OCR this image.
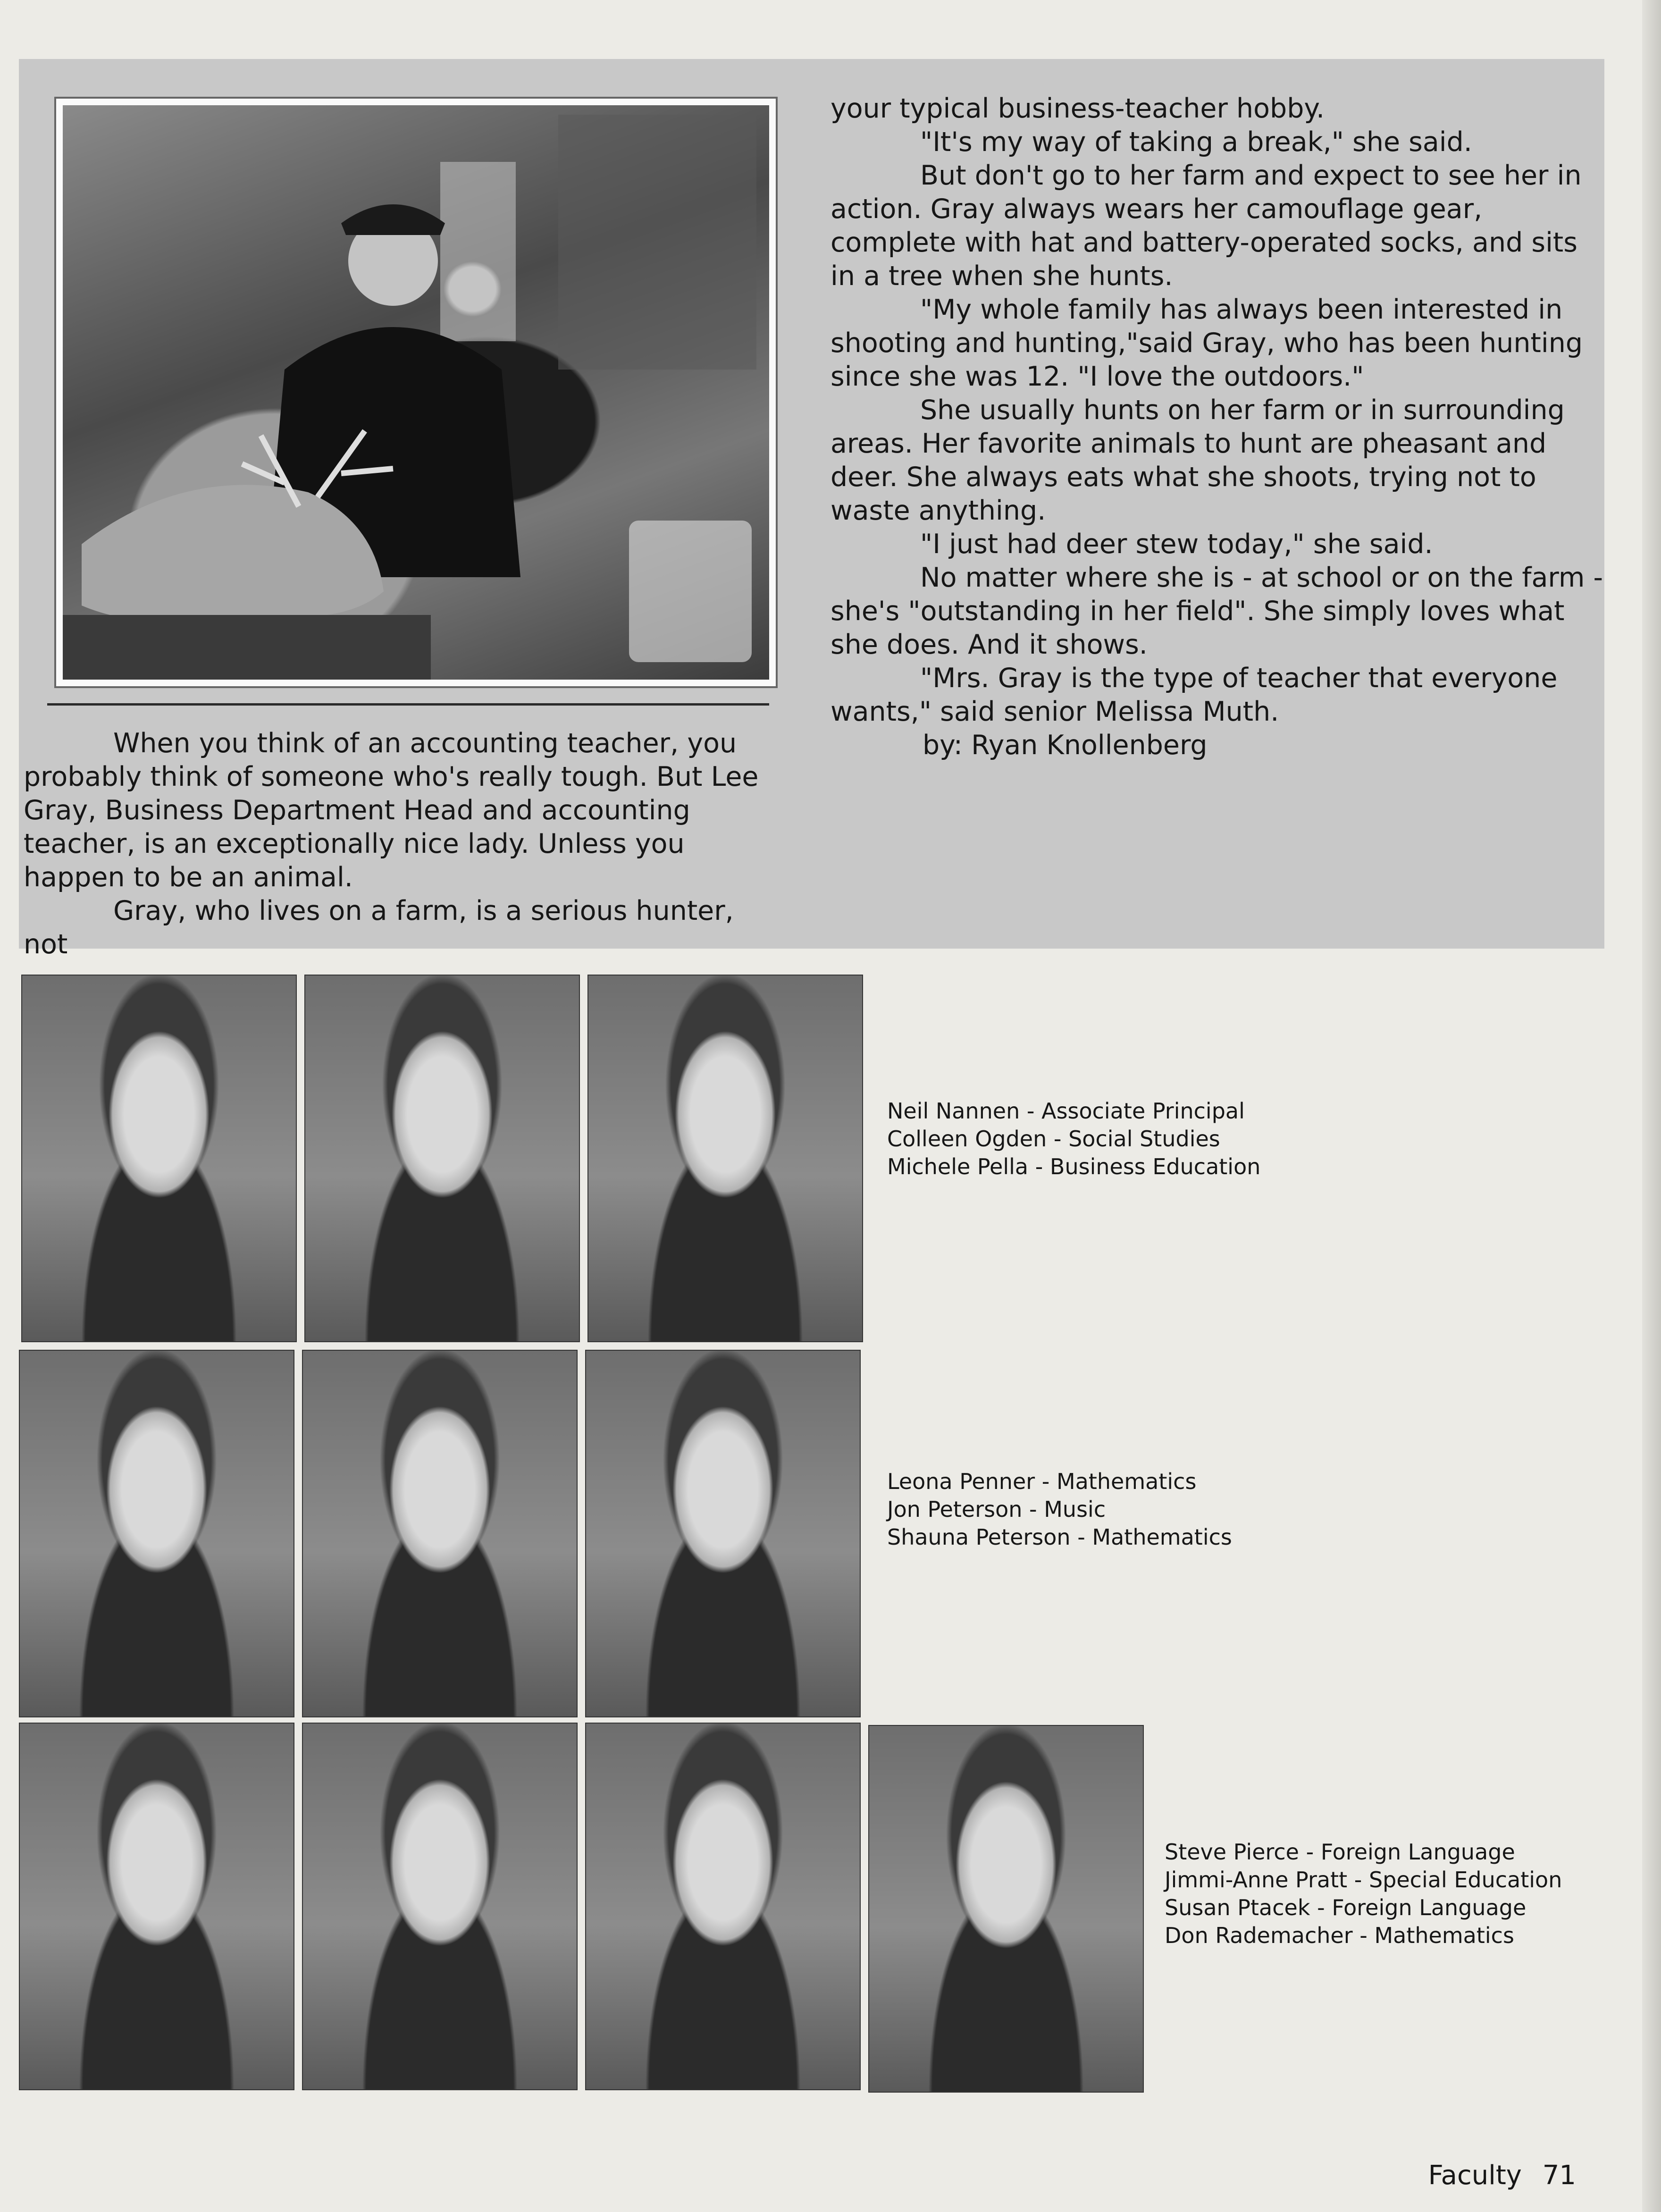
When you think of an accounting teacher, you probably think of someone who's really tough. But Lee Gray, Business Department Head and accounting teacher, is an exceptionally nice lady. Unless you happen to be an animal.

Gray, who lives on a farm, is a serious hunter, not

your typical business-teacher hobby.

"It's my way of taking a break," she said.

But don't go to her farm and expect to see her in action. Gray always wears her camouflage gear, complete with hat and battery-operated socks, and sits in a tree when she hunts.

"My whole family has always been interested in shooting and hunting,"said Gray, who has been hunting since she was 12. "I love the outdoors."

She usually hunts on her farm or in surrounding areas. Her favorite animals to hunt are pheasant and deer. She always eats what she shoots, trying not to waste anything.

"I just had deer stew today," she said.

No matter where she is - at school or on the farm - she's "outstanding in her field". She simply loves what she does. And it shows.

"Mrs. Gray is the type of teacher that everyone wants," said senior Melissa Muth.

by: Ryan Knollenberg

Neil Nannen - Associate Principal
Colleen Ogden - Social Studies
Michele Pella - Business Education
Leona Penner - Mathematics
Jon Peterson - Music
Shauna Peterson - Mathematics
Steve Pierce - Foreign Language
Jimmi-Anne Pratt - Special Education
Susan Ptacek - Foreign Language
Don Rademacher - Mathematics
Faculty 71
